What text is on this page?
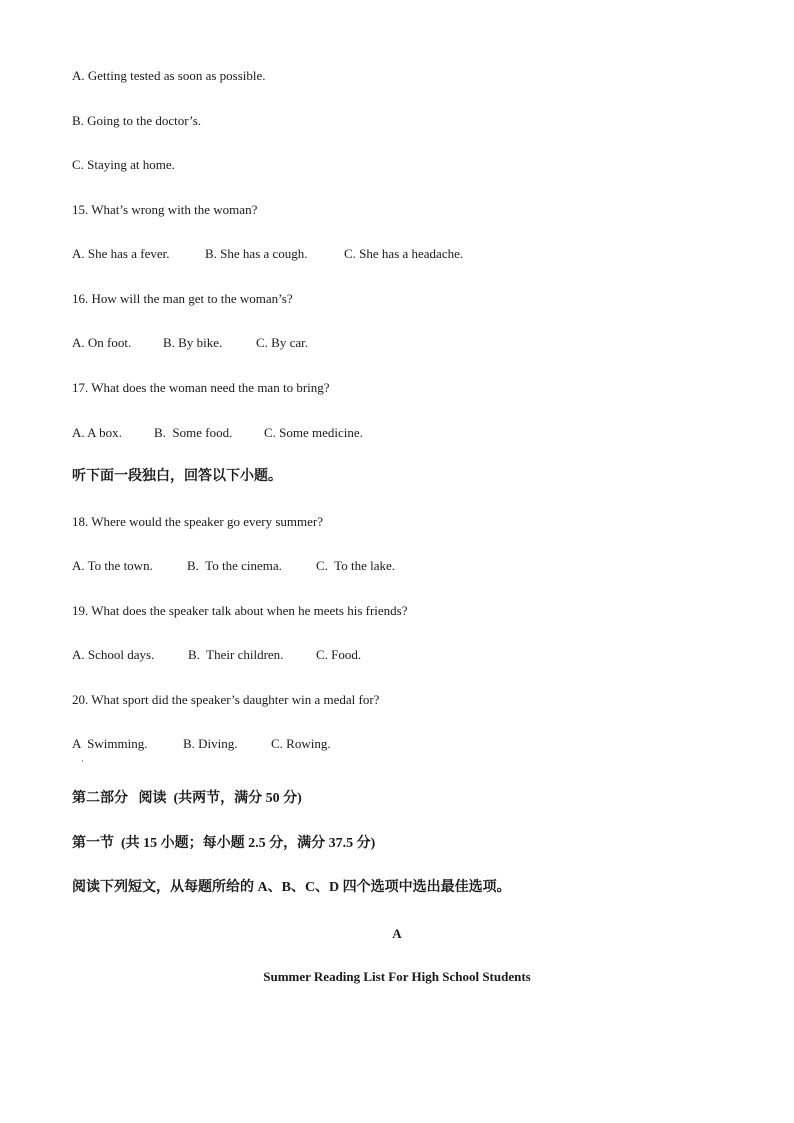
A. Getting tested as soon as possible.
B. Going to the doctor’s.
C. Staying at home.
15. What’s wrong with the woman?
A. She has a fever.	B. She has a cough.	C. She has a headache.
16. How will the man get to the woman’s?
A. On foot. B. By bike.	C. By car.
17. What does the woman need the man to bring?
A. A box. B.  Some food. C. Some medicine.
听下面一段独白，回答以下小题。
18. Where would the speaker go every summer?
A. To the town.	B.  To the cinema.	C.  To the lake.
19. What does the speaker talk about when he meets his friends?
A. School days.	B.  Their children.	C. Food.
20. What sport did the speaker’s daughter win a medal for?
A  Swimming.	B. Diving.	C. Rowing.
·
第二部分   阅读  (共两节，满分 50 分)
第一节  (共 15 小题；每小题 2.5 分，满分 37.5 分)
阅读下列短文，从每题所给的 A、B、C、D 四个选项中选出最佳选项。
A
Summer Reading List For High School Students
